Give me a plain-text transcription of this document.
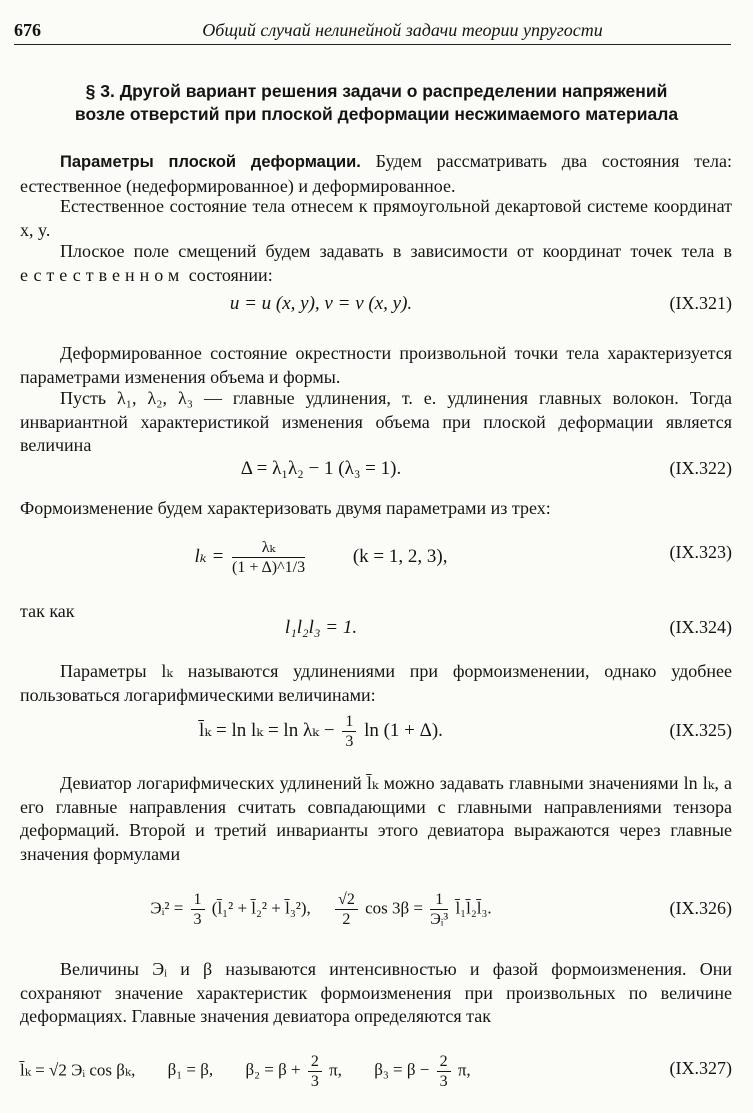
676	Общий случай нелинейной задачи теории упругости
§ 3. Другой вариант решения задачи о распределении напряжений
возле отверстий при плоской деформации несжимаемого материала

Параметры плоской деформации. Будем рассматривать два состояния тела: естественное (недеформированное) и деформированное.

Естественное состояние тела отнесем к прямоугольной декартовой системе координат x, y.

Плоское поле смещений будем задавать в зависимости от координат точек тела в естественном состоянии:

u = u (x, y), v = v (x, y).	(IX.321)

Деформированное состояние окрестности произвольной точки тела характеризуется параметрами изменения объема и формы.

Пусть λ₁, λ₂, λ₃ — главные удлинения, т. е. удлинения главных волокон. Тогда инвариантной характеристикой изменения объема при плоской деформации является величина

Δ = λ₁λ₂ − 1 (λ₃ = 1).	(IX.322)

Формоизменение будем характеризовать двумя параметрами из трех:

$l_k = \frac{\text{λₖ}}{(1 + \Delta)\^{}1/3}$	(k = 1, 2, 3),	(IX.323)

так как

l₁l₂l₃ = 1.	(IX.324)

Параметры lₖ называются удлинениями при формоизменении, однако удобнее пользоваться логарифмическими величинами:

l̄ₖ = $\ln l_k = \ln \lambda_k - \frac{1}{3}$ ln (1 + Δ).	(IX.325)

Девиатор логарифмических удлинений l̄ₖ можно задавать главными значениями ln lₖ, а его главные направления считать совпадающими с главными направлениями тензора деформаций. Второй и третий инварианты этого девиатора выражаются через главные значения формулами

Эᵢ² = $\frac{1}{3}$ (l̄₁² + l̄₂² + l̄₃²), $\frac{√2}{2}$ $\cos 3\beta = \frac{1}{\text{Эᵢ³}}$ l̄₁l̄₂l̄₃.	(IX.326)

Величины Эᵢ и β называются интенсивностью и фазой формоизменения. Они сохраняют значение характеристик формоизменения при произвольных по величине деформациях. Главные значения девиатора определяются так

l̄ₖ = √2 Эᵢ cos βₖ, β₁ = β, $\beta_2 = \beta + \frac{2}{3} \pi$, $\beta_3 = \beta - \frac{2}{3} \pi$,	(IX.327)
